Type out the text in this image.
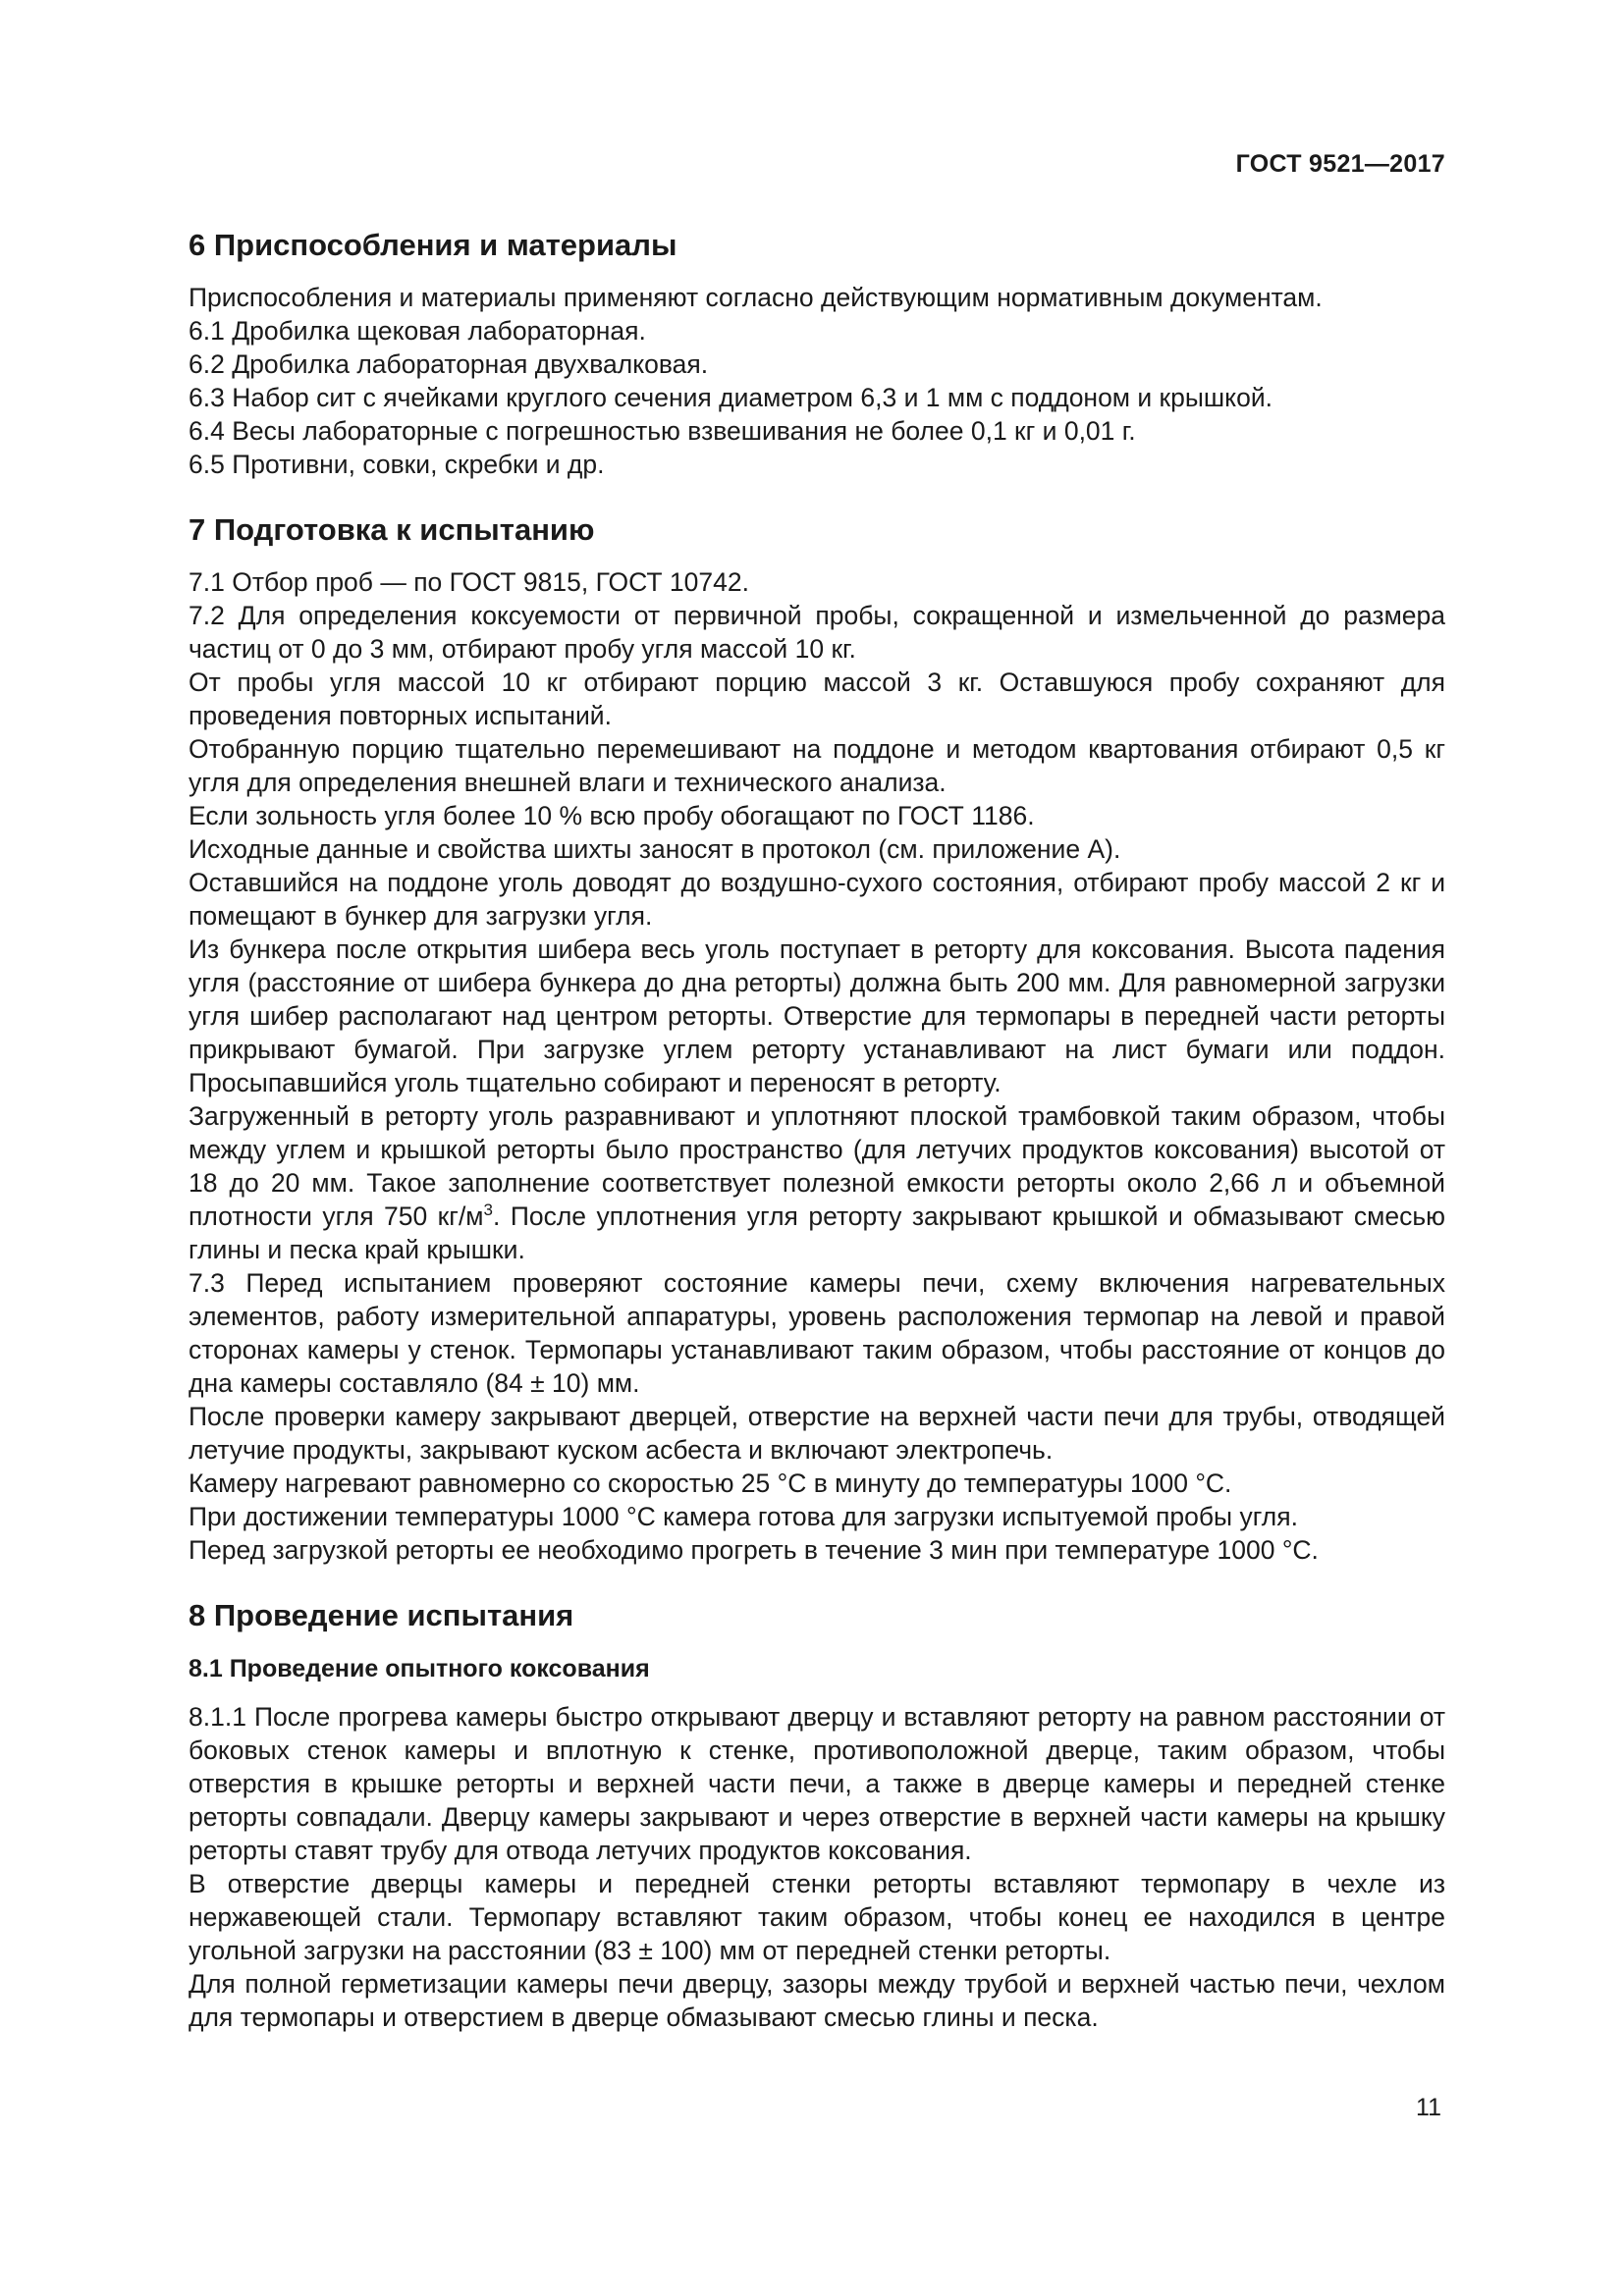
ГОСТ 9521—2017
6 Приспособления и материалы

Приспособления и материалы применяют согласно действующим нормативным документам.

6.1 Дробилка щековая лабораторная.

6.2 Дробилка лабораторная двухвалковая.

6.3 Набор сит с ячейками круглого сечения диаметром 6,3 и 1 мм с поддоном и крышкой.

6.4 Весы лабораторные с погрешностью взвешивания не более 0,1 кг и 0,01 г.

6.5 Противни, совки, скребки и др.

7 Подготовка к испытанию

7.1 Отбор проб — по ГОСТ 9815, ГОСТ 10742.

7.2 Для определения коксуемости от первичной пробы, сокращенной и измельченной до размера частиц от 0 до 3 мм, отбирают пробу угля массой 10 кг.

От пробы угля массой 10 кг отбирают порцию массой 3 кг. Оставшуюся пробу сохраняют для проведения повторных испытаний.

Отобранную порцию тщательно перемешивают на поддоне и методом квартования отбирают 0,5 кг угля для определения внешней влаги и технического анализа.

Если зольность угля более 10 % всю пробу обогащают по ГОСТ 1186.

Исходные данные и свойства шихты заносят в протокол (см. приложение А).

Оставшийся на поддоне уголь доводят до воздушно-сухого состояния, отбирают пробу массой 2 кг и помещают в бункер для загрузки угля.

Из бункера после открытия шибера весь уголь поступает в реторту для коксования. Высота падения угля (расстояние от шибера бункера до дна реторты) должна быть 200 мм. Для равномерной загрузки угля шибер располагают над центром реторты. Отверстие для термопары в передней части реторты прикрывают бумагой. При загрузке углем реторту устанавливают на лист бумаги или поддон. Просыпавшийся уголь тщательно собирают и переносят в реторту.

Загруженный в реторту уголь разравнивают и уплотняют плоской трамбовкой таким образом, чтобы между углем и крышкой реторты было пространство (для летучих продуктов коксования) высотой от 18 до 20 мм. Такое заполнение соответствует полезной емкости реторты около 2,66 л и объемной плотности угля 750 $кг/м^3$. После уплотнения угля реторту закрывают крышкой и обмазывают смесью глины и песка край крышки.

7.3 Перед испытанием проверяют состояние камеры печи, схему включения нагревательных элементов, работу измерительной аппаратуры, уровень расположения термопар на левой и правой сторонах камеры у стенок. Термопары устанавливают таким образом, чтобы расстояние от концов до дна камеры составляло (84 ± 10) мм.

После проверки камеру закрывают дверцей, отверстие на верхней части печи для трубы, отводящей летучие продукты, закрывают куском асбеста и включают электропечь.

Камеру нагревают равномерно со скоростью 25 °С в минуту до температуры 1000 °С.

При достижении температуры 1000 °С камера готова для загрузки испытуемой пробы угля.

Перед загрузкой реторты ее необходимо прогреть в течение 3 мин при температуре 1000 °С.

8 Проведение испытания
8.1 Проведение опытного коксования

8.1.1 После прогрева камеры быстро открывают дверцу и вставляют реторту на равном расстоянии от боковых стенок камеры и вплотную к стенке, противоположной дверце, таким образом, чтобы отверстия в крышке реторты и верхней части печи, а также в дверце камеры и передней стенке реторты совпадали. Дверцу камеры закрывают и через отверстие в верхней части камеры на крышку реторты ставят трубу для отвода летучих продуктов коксования.

В отверстие дверцы камеры и передней стенки реторты вставляют термопару в чехле из нержавеющей стали. Термопару вставляют таким образом, чтобы конец ее находился в центре угольной загрузки на расстоянии (83 ± 100) мм от передней стенки реторты.

Для полной герметизации камеры печи дверцу, зазоры между трубой и верхней частью печи, чехлом для термопары и отверстием в дверце обмазывают смесью глины и песка.

11
